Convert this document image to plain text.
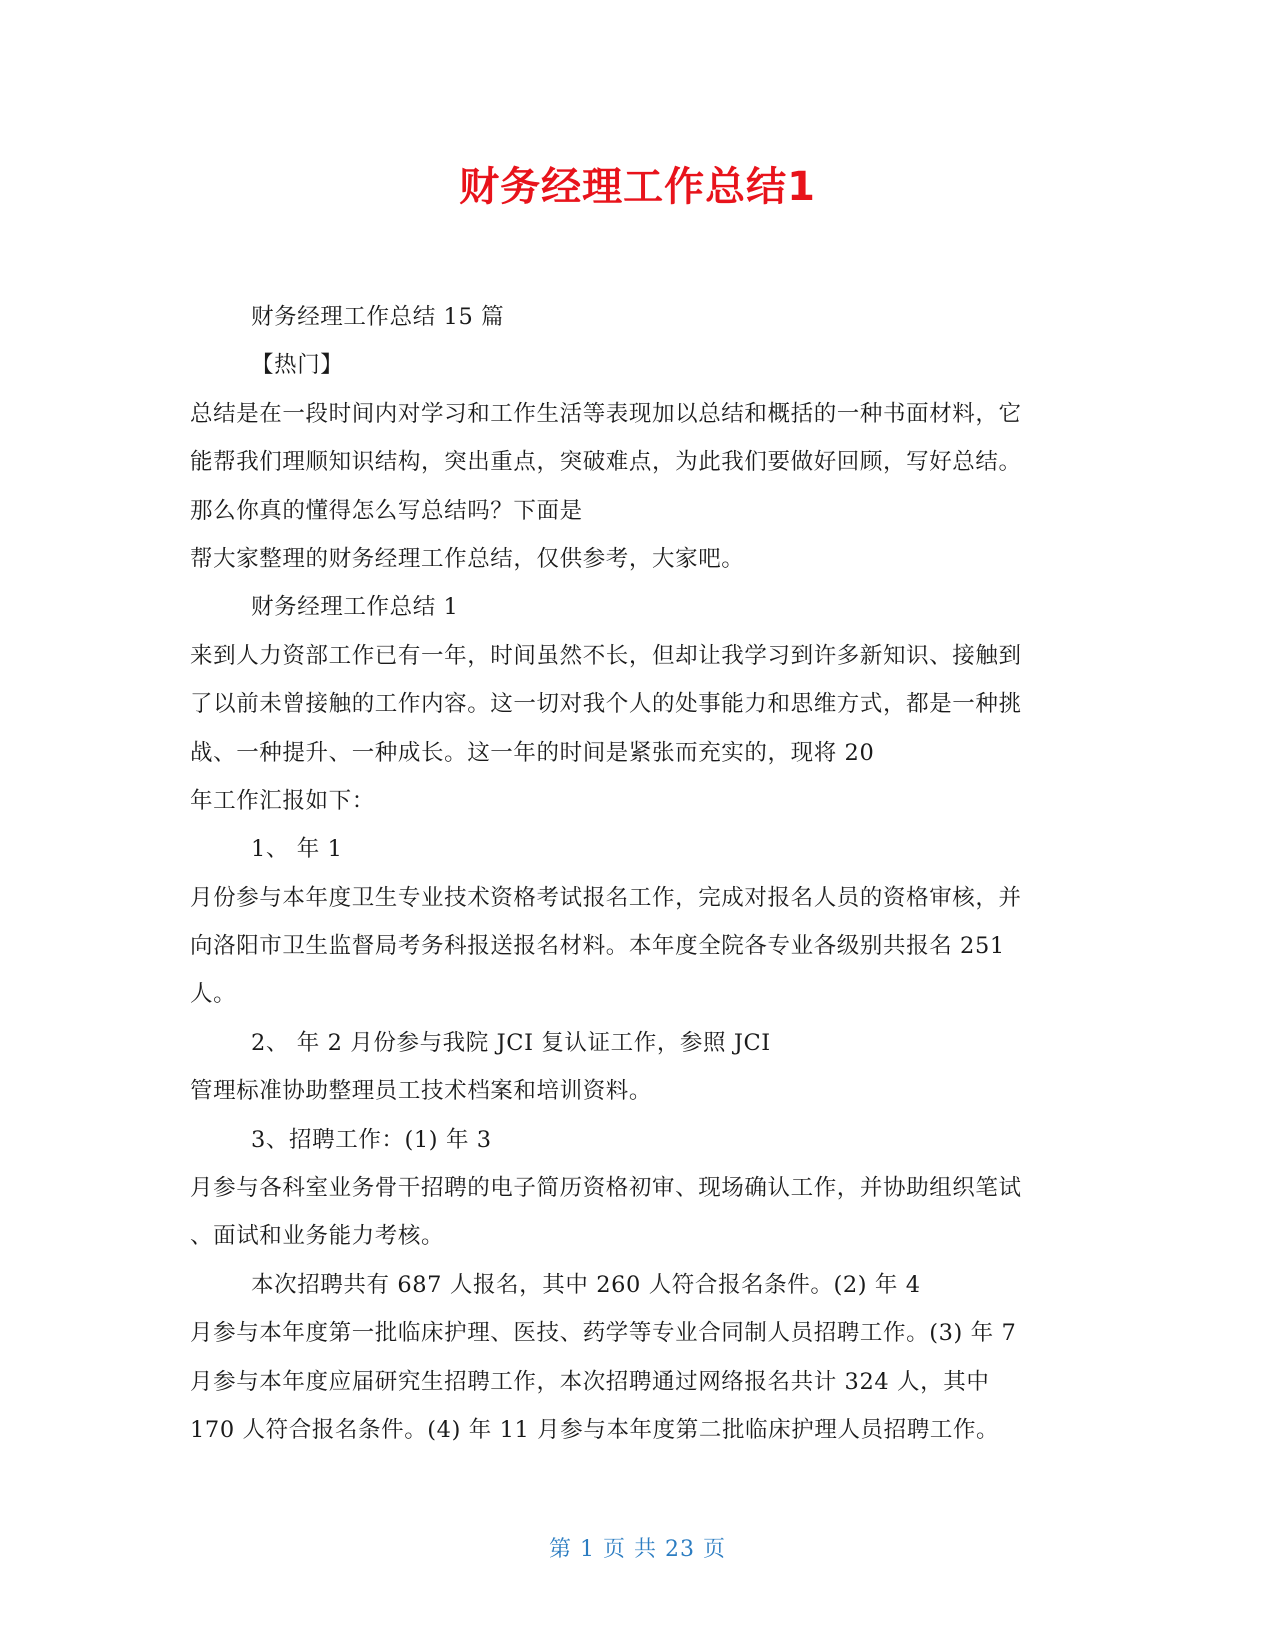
财务经理工作总结1
财务经理工作总结 15 篇
【热门】
总结是在一段时间内对学习和工作生活等表现加以总结和概括的一种书面材料，它
能帮我们理顺知识结构，突出重点，突破难点，为此我们要做好回顾，写好总结。
那么你真的懂得怎么写总结吗？下面是
帮大家整理的财务经理工作总结，仅供参考，大家吧。
财务经理工作总结 1
来到人力资部工作已有一年，时间虽然不长，但却让我学习到许多新知识、接触到
了以前未曾接触的工作内容。这一切对我个人的处事能力和思维方式，都是一种挑
战、一种提升、一种成长。这一年的时间是紧张而充实的，现将 20
年工作汇报如下：
1、 年 1
月份参与本年度卫生专业技术资格考试报名工作，完成对报名人员的资格审核，并
向洛阳市卫生监督局考务科报送报名材料。本年度全院各专业各级别共报名 251
人。
2、 年 2 月份参与我院 JCI 复认证工作，参照 JCI
管理标准协助整理员工技术档案和培训资料。
3、招聘工作：(1) 年 3
月参与各科室业务骨干招聘的电子简历资格初审、现场确认工作，并协助组织笔试
、面试和业务能力考核。
本次招聘共有 687 人报名，其中 260 人符合报名条件。(2) 年 4
月参与本年度第一批临床护理、医技、药学等专业合同制人员招聘工作。(3) 年 7
月参与本年度应届研究生招聘工作，本次招聘通过网络报名共计 324 人，其中
170 人符合报名条件。(4) 年 11 月参与本年度第二批临床护理人员招聘工作。
第 1 页 共 23 页
